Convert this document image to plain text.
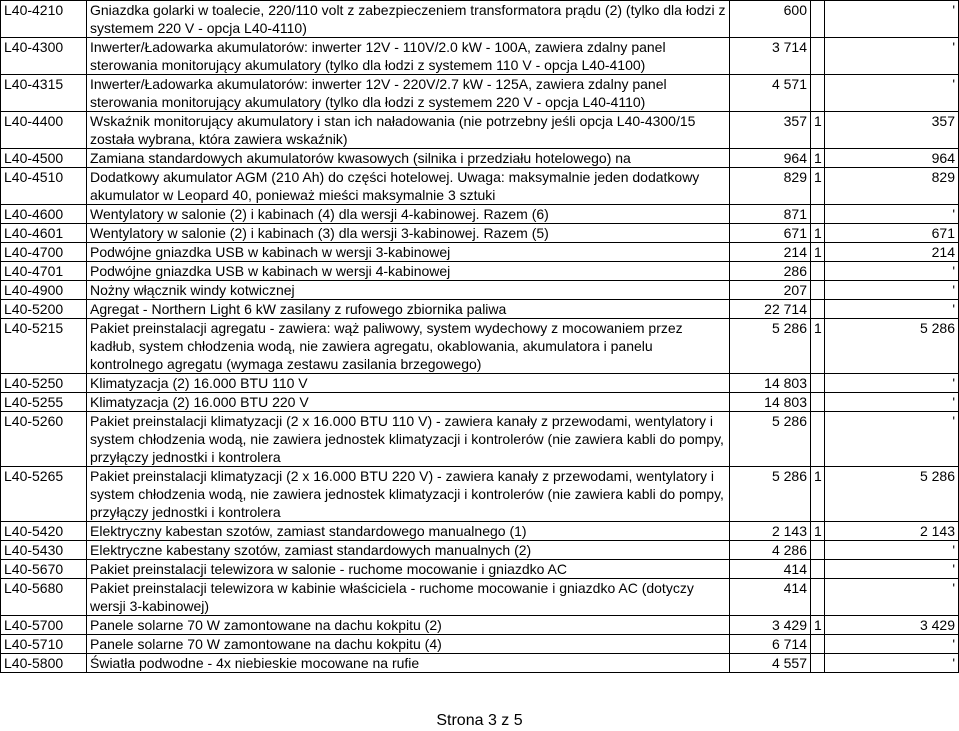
L40-4210	Gniazdka golarki w toalecie, 220/110 volt z zabezpieczeniem transformatora prądu (2) (tylko dla łodzi z systemem 220 V - opcja L40-4110)	600		'
L40-4300	Inwerter/Ładowarka akumulatorów: inwerter 12V - 110V/2.0 kW - 100A, zawiera zdalny panel sterowania monitorujący akumulatory (tylko dla łodzi z systemem 110 V - opcja L40-4100)	3 714		'
L40-4315	Inwerter/Ładowarka akumulatorów: inwerter 12V - 220V/2.7 kW - 125A, zawiera zdalny panel sterowania monitorujący akumulatory (tylko dla łodzi z systemem 220 V - opcja L40-4110)	4 571		'
L40-4400	Wskaźnik monitorujący akumulatory i stan ich naładowania (nie potrzebny jeśli opcja L40-4300/15 została wybrana, która zawiera wskaźnik)	357	1	357
L40-4500	Zamiana standardowych akumulatorów kwasowych (silnika i przedziału hotelowego) na	964	1	964
L40-4510	Dodatkowy akumulator AGM (210 Ah) do części hotelowej. Uwaga: maksymalnie jeden dodatkowy akumulator w Leopard 40, ponieważ mieści maksymalnie 3 sztuki	829	1	829
L40-4600	Wentylatory w salonie (2) i kabinach (4) dla wersji 4-kabinowej. Razem (6)	871		'
L40-4601	Wentylatory w salonie (2) i kabinach (3) dla wersji 3-kabinowej. Razem (5)	671	1	671
L40-4700	Podwójne gniazdka USB w kabinach w wersji 3-kabinowej	214	1	214
L40-4701	Podwójne gniazdka USB w kabinach w wersji 4-kabinowej	286		'
L40-4900	Nożny włącznik windy kotwicznej	207		'
L40-5200	Agregat - Northern Light 6 kW zasilany z rufowego zbiornika paliwa	22 714		'
L40-5215	Pakiet preinstalacji agregatu - zawiera: wąż paliwowy, system wydechowy z mocowaniem przez kadłub, system chłodzenia wodą, nie zawiera agregatu, okablowania, akumulatora i panelu kontrolnego agregatu (wymaga zestawu zasilania brzegowego)	5 286	1	5 286
L40-5250	Klimatyzacja (2) 16.000 BTU 110 V	14 803		'
L40-5255	Klimatyzacja (2) 16.000 BTU 220 V	14 803		'
L40-5260	Pakiet preinstalacji klimatyzacji (2 x 16.000 BTU 110 V) - zawiera kanały z przewodami, wentylatory i system chłodzenia wodą, nie zawiera jednostek klimatyzacji i kontrolerów (nie zawiera kabli do pompy, przyłączy jednostki i kontrolera	5 286		'
L40-5265	Pakiet preinstalacji klimatyzacji (2 x 16.000 BTU 220 V) - zawiera kanały z przewodami, wentylatory i system chłodzenia wodą, nie zawiera jednostek klimatyzacji i kontrolerów (nie zawiera kabli do pompy, przyłączy jednostki i kontrolera	5 286	1	5 286
L40-5420	Elektryczny kabestan szotów, zamiast standardowego manualnego (1)	2 143	1	2 143
L40-5430	Elektryczne kabestany szotów, zamiast standardowych manualnych (2)	4 286		'
L40-5670	Pakiet preinstalacji telewizora w salonie - ruchome mocowanie i gniazdko AC	414		'
L40-5680	Pakiet preinstalacji telewizora w kabinie właściciela - ruchome mocowanie i gniazdko AC (dotyczy wersji 3-kabinowej)	414		'
L40-5700	Panele solarne 70 W zamontowane na dachu kokpitu (2)	3 429	1	3 429
L40-5710	Panele solarne 70 W zamontowane na dachu kokpitu (4)	6 714		'
L40-5800	Światła podwodne - 4x niebieskie mocowane na rufie	4 557		'
Strona 3 z 5
